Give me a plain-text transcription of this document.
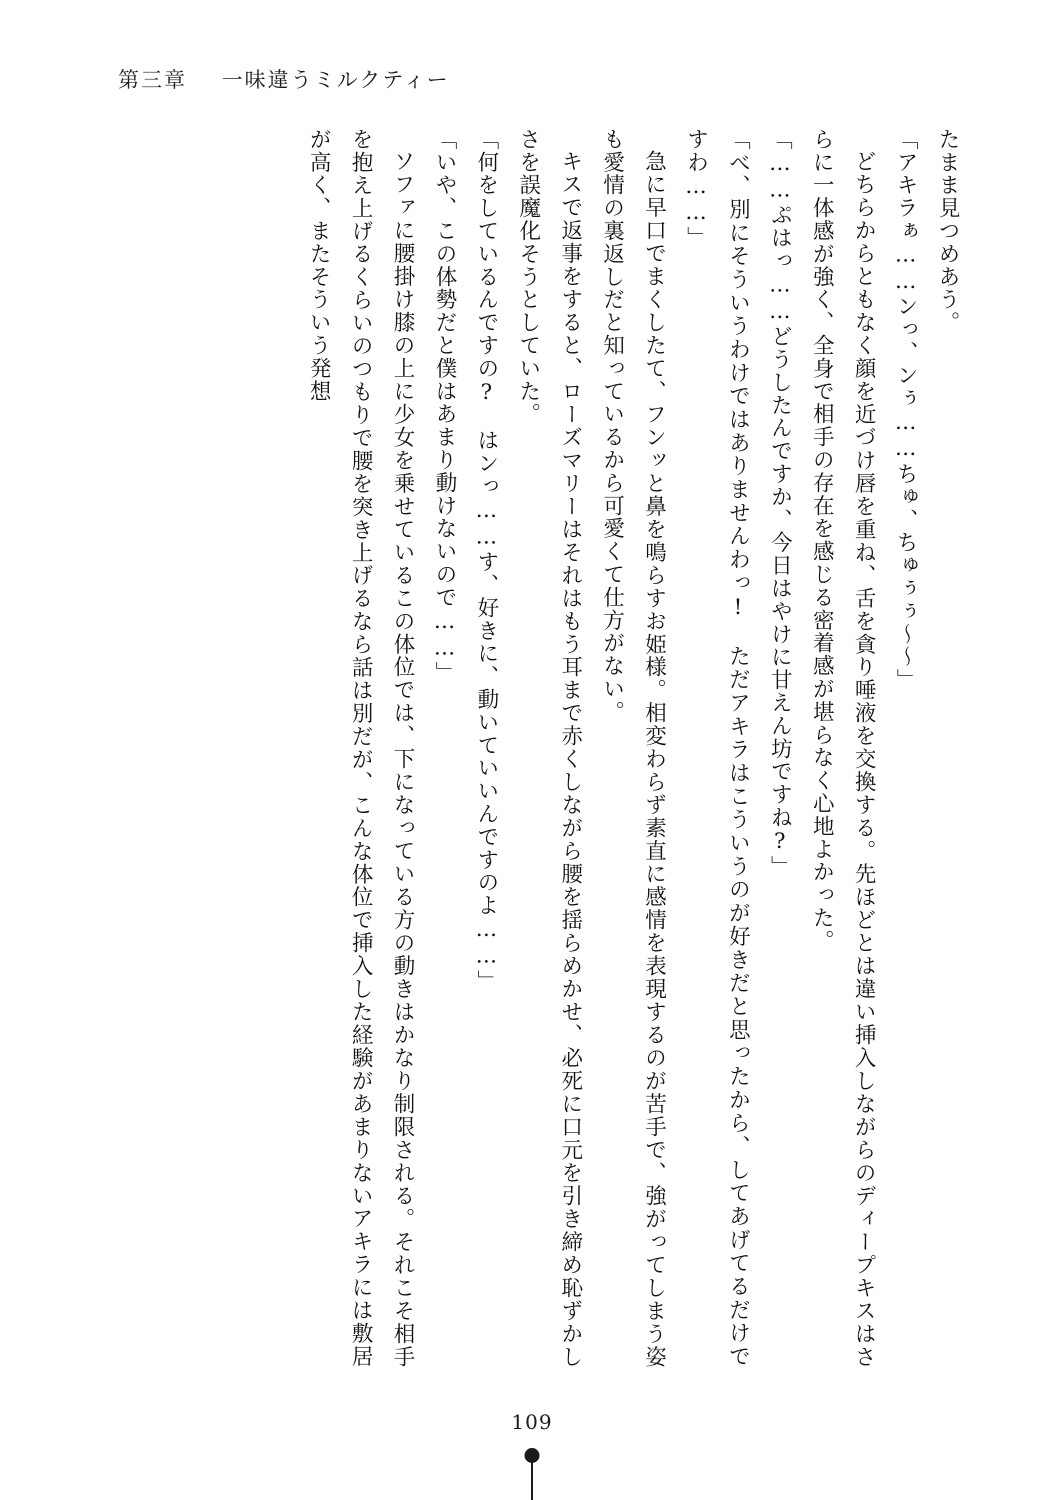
第三章 一味違うミルクティー

たまま見つめあう。

「アキラぁ……ンっ、ンぅ……ちゅ、ちゅぅぅ～～」

どちらからともなく顔を近づけ唇を重ね、舌を貪り唾液を交換する。先ほどとは違い挿入しながらのディープキスはさらに一体感が強く、全身で相手の存在を感じる密着感が堪らなく心地よかった。

「……ぷはっ……どうしたんですか、今日はやけに甘えん坊ですね?」

「べ、別にそういうわけではありませんわっ!　ただアキラはこういうのが好きだと思ったから、してあげてるだけですわ……」

急に早口でまくしたて、フンッと鼻を鳴らすお姫様。相変わらず素直に感情を表現するのが苦手で、強がってしまう姿も愛情の裏返しだと知っているから可愛くて仕方がない。

キスで返事をすると、ローズマリーはそれはもう耳まで赤くしながら腰を揺らめかせ、必死に口元を引き締め恥ずかしさを誤魔化そうとしていた。

「何をしているんですの?　はンっ……す、好きに、動いていいんですのよ……」

「いや、この体勢だと僕はあまり動けないので……」

ソファに腰掛け膝の上に少女を乗せているこの体位では、下になっている方の動きはかなり制限される。それこそ相手を抱え上げるくらいのつもりで腰を突き上げるなら話は別だが、こんな体位で挿入した経験があまりないアキラには敷居が高く、またそういう発想

109
